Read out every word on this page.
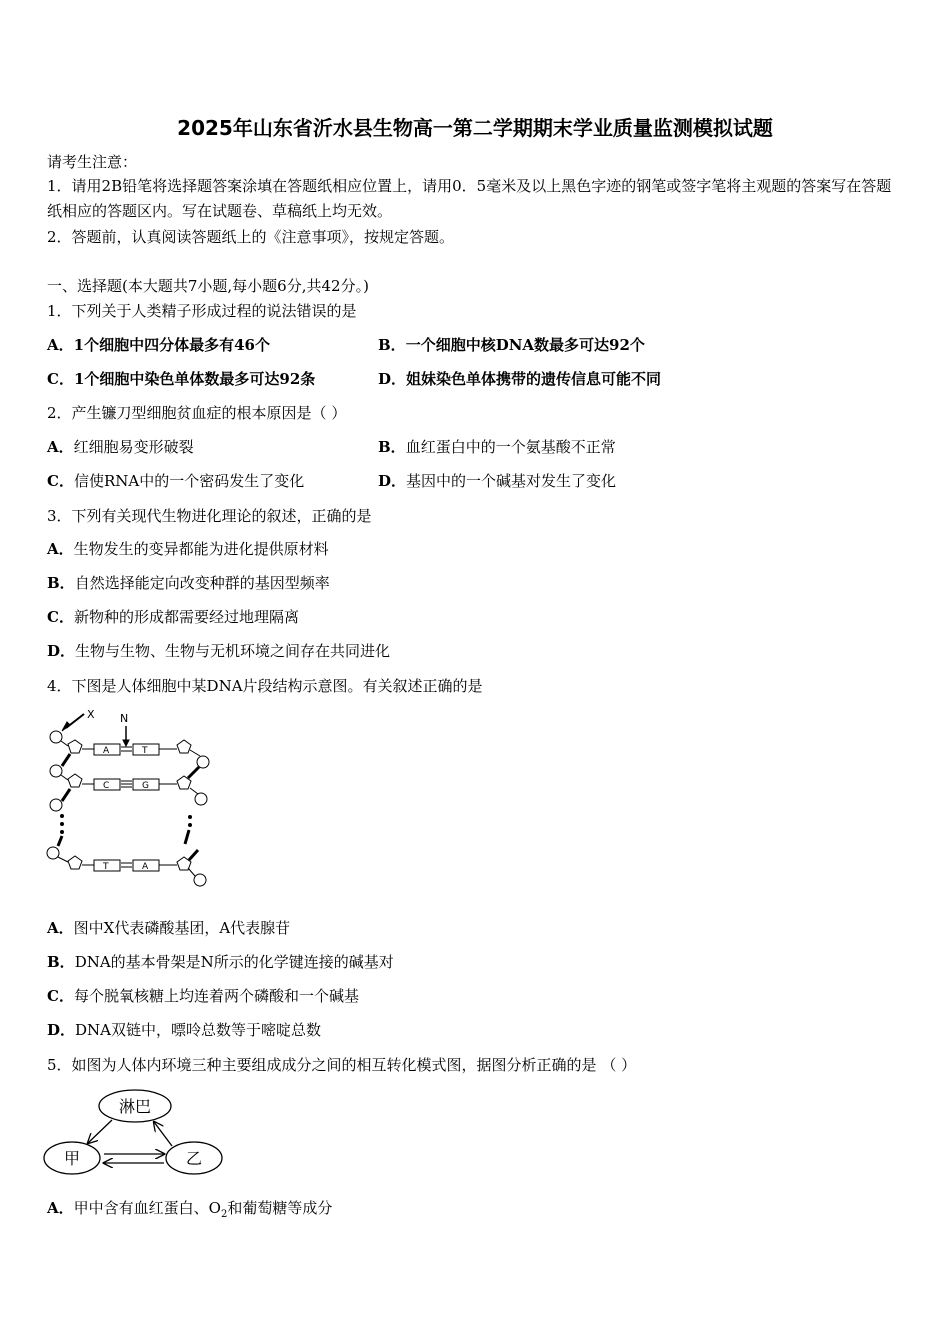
2025年山东省沂水县生物高一第二学期期末学业质量监测模拟试题
请考生注意：
1．请用2B铅笔将选择题答案涂填在答题纸相应位置上，请用0．5毫米及以上黑色字迹的钢笔或签字笔将主观题的答案写在答题纸相应的答题区内。写在试题卷、草稿纸上均无效。
2．答题前，认真阅读答题纸上的《注意事项》，按规定答题。
一、选择题(本大题共7小题,每小题6分,共42分。)
1．下列关于人类精子形成过程的说法错误的是
A．1个细胞中四分体最多有46个	B．一个细胞中核DNA数最多可达92个
C．1个细胞中染色单体数最多可达92条	D．姐妹染色单体携带的遗传信息可能不同
2．产生镰刀型细胞贫血症的根本原因是（ ）
A．红细胞易变形破裂	B．血红蛋白中的一个氨基酸不正常
C．信使RNA中的一个密码发生了变化	D．基因中的一个碱基对发生了变化
3．下列有关现代生物进化理论的叙述，正确的是
A．生物发生的变异都能为进化提供原材料
B．自然选择能定向改变种群的基因型频率
C．新物种的形成都需要经过地理隔离
D．生物与生物、生物与无机环境之间存在共同进化
4．下图是人体细胞中某DNA片段结构示意图。有关叙述正确的是
X N
A	T
C	G
T	A
A．图中X代表磷酸基团，A代表腺苷
B．DNA的基本骨架是N所示的化学键连接的碱基对
C．每个脱氧核糖上均连着两个磷酸和一个碱基
D．DNA双链中，嘌呤总数等于嘧啶总数
5．如图为人体内环境三种主要组成成分之间的相互转化模式图，据图分析正确的是 （ ）
淋巴
甲	乙
A．甲中含有血红蛋白、$O_2$和葡萄糖等成分
